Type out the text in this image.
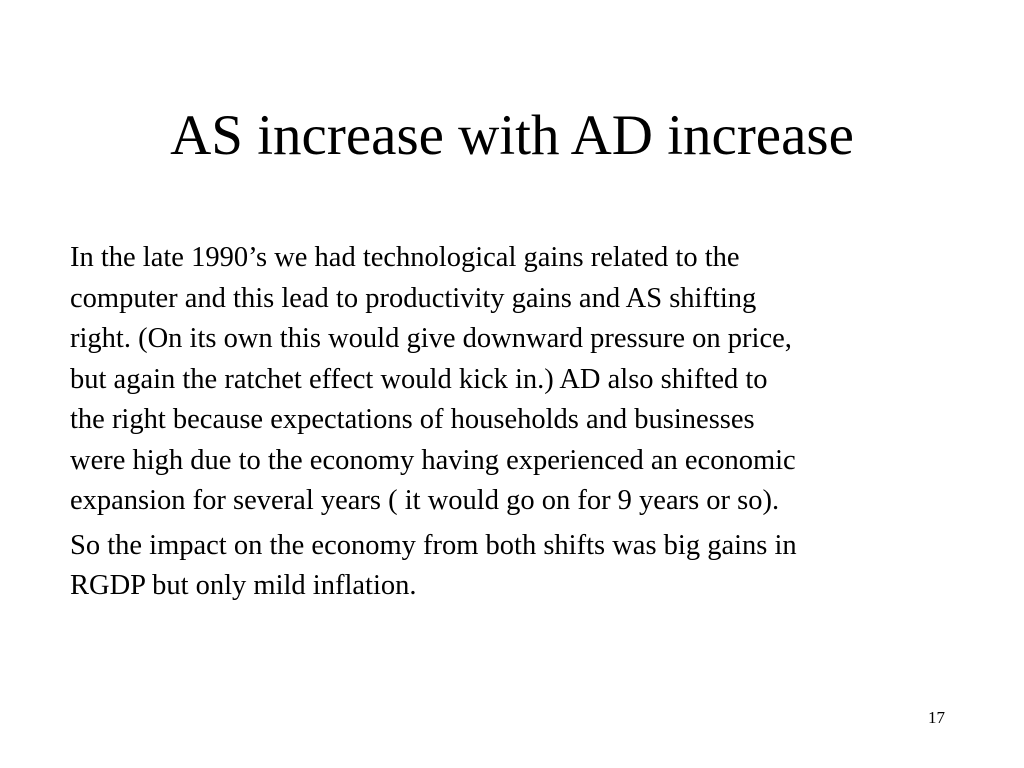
AS increase with AD increase

In the late 1990’s we had technological gains related to the
computer and this lead to productivity gains and AS shifting
right. (On its own this would give downward pressure on price,
but again the ratchet effect would kick in.) AD also shifted to
the right because expectations of households and businesses
were high due to the economy having experienced an economic
expansion for several years ( it would go on for 9 years or so).

So the impact on the economy from both shifts was big gains in
RGDP but only mild inflation.

17
